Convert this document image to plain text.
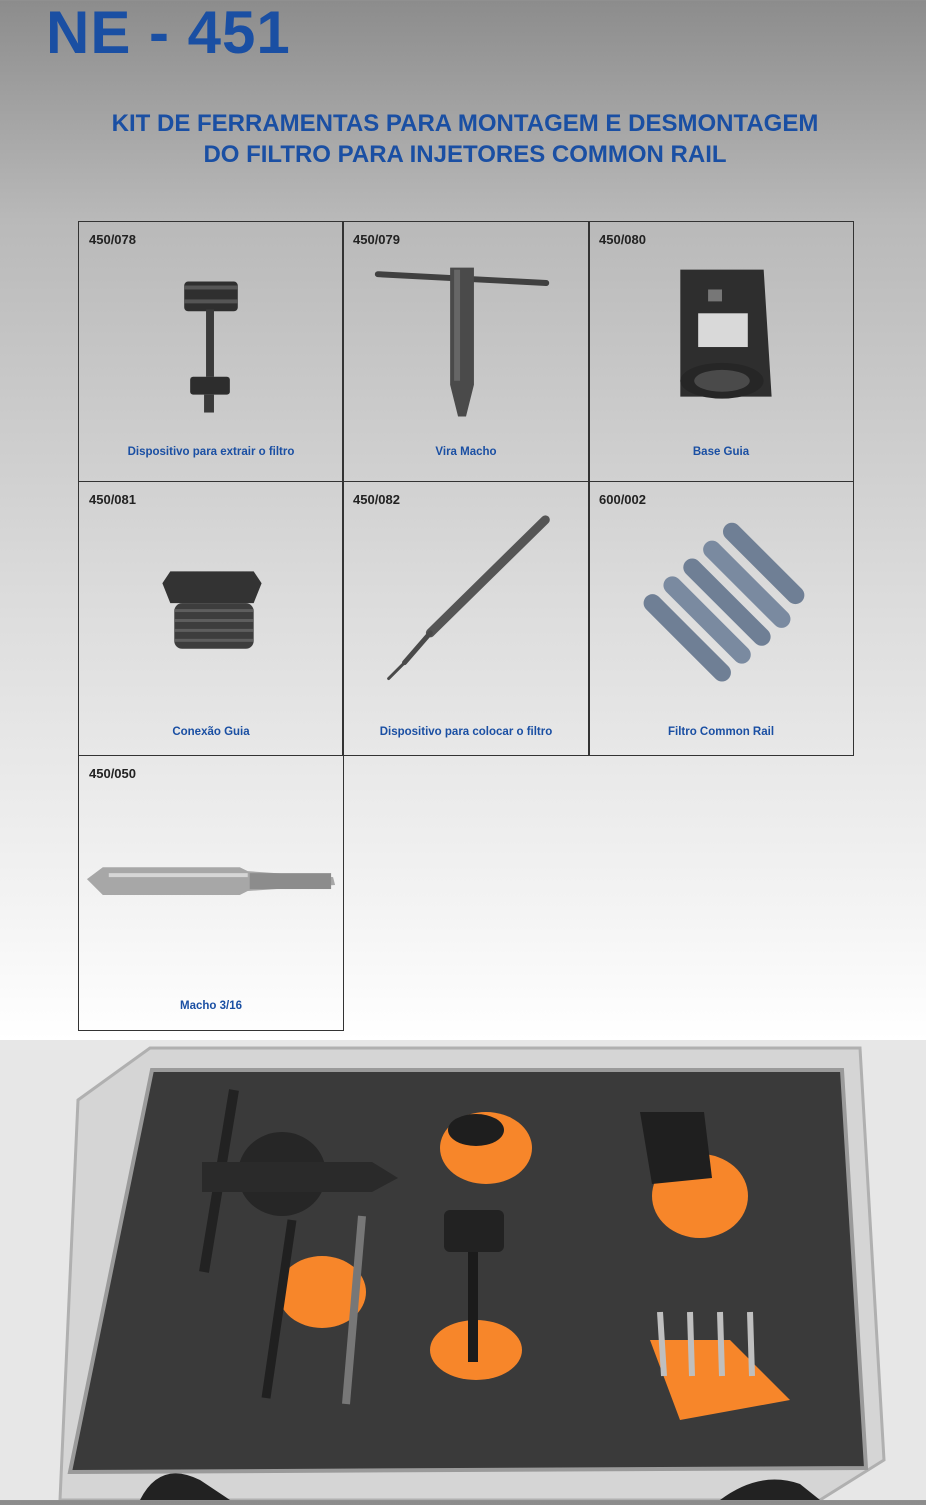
NE - 451
KIT DE FERRAMENTAS PARA MONTAGEM E DESMONTAGEM
DO FILTRO PARA INJETORES COMMON RAIL
450/078
Dispositivo para extrair o filtro
450/079
Vira Macho
450/080
Base Guia
450/081
Conexão Guia
450/082
Dispositivo para colocar o filtro
600/002
Filtro Common Rail
450/050
Macho 3/16
